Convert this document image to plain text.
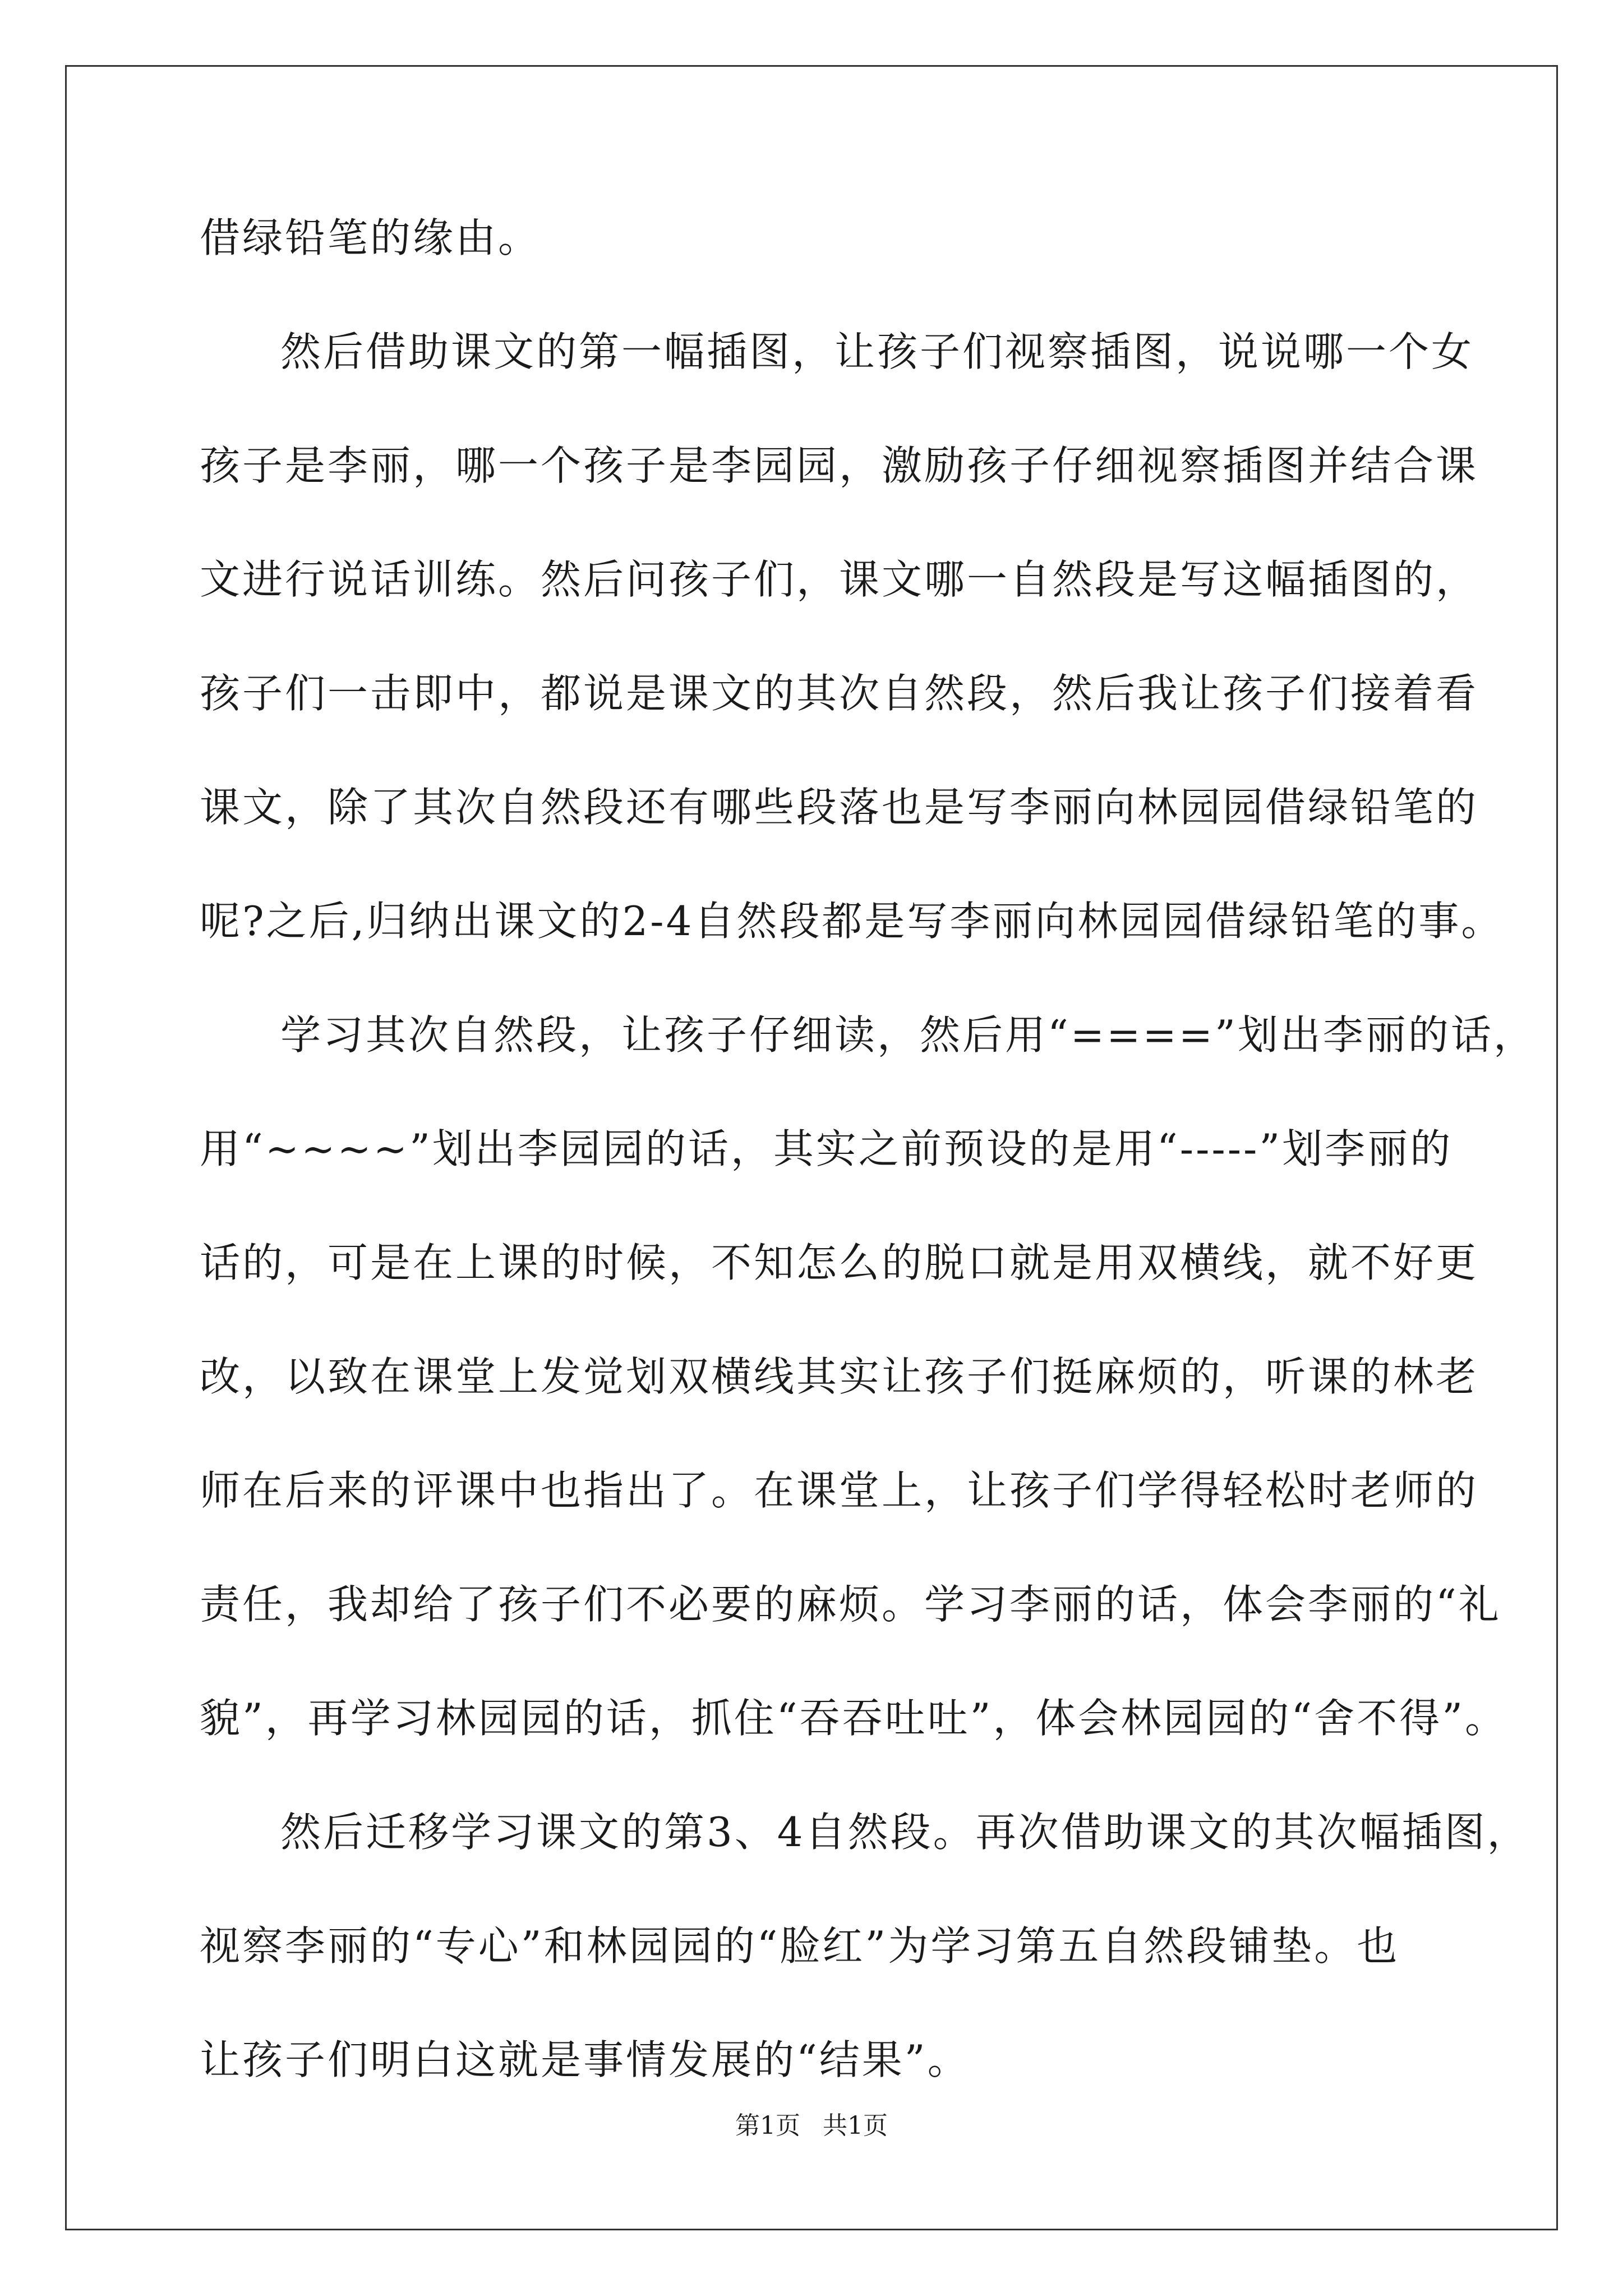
借绿铅笔的缘由。
然后借助课文的第一幅插图，让孩子们视察插图，说说哪一个女
孩子是李丽，哪一个孩子是李园园，激励孩子仔细视察插图并结合课
文进行说话训练。然后问孩子们，课文哪一自然段是写这幅插图的，
孩子们一击即中，都说是课文的其次自然段，然后我让孩子们接着看
课文，除了其次自然段还有哪些段落也是写李丽向林园园借绿铅笔的
呢?之后,归纳出课文的2-4自然段都是写李丽向林园园借绿铅笔的事。
学习其次自然段，让孩子仔细读，然后用“====”划出李丽的话，
用“~~~~”划出李园园的话，其实之前预设的是用“-----”划李丽的
话的，可是在上课的时候，不知怎么的脱口就是用双横线，就不好更
改，以致在课堂上发觉划双横线其实让孩子们挺麻烦的，听课的林老
师在后来的评课中也指出了。在课堂上，让孩子们学得轻松时老师的
责任，我却给了孩子们不必要的麻烦。学习李丽的话，体会李丽的“礼
貌”，再学习林园园的话，抓住“吞吞吐吐”，体会林园园的“舍不得”。
然后迁移学习课文的第3、4自然段。再次借助课文的其次幅插图，
视察李丽的“专心”和林园园的“脸红”为学习第五自然段铺垫。也
让孩子们明白这就是事情发展的“结果”。
第1页 共1页
